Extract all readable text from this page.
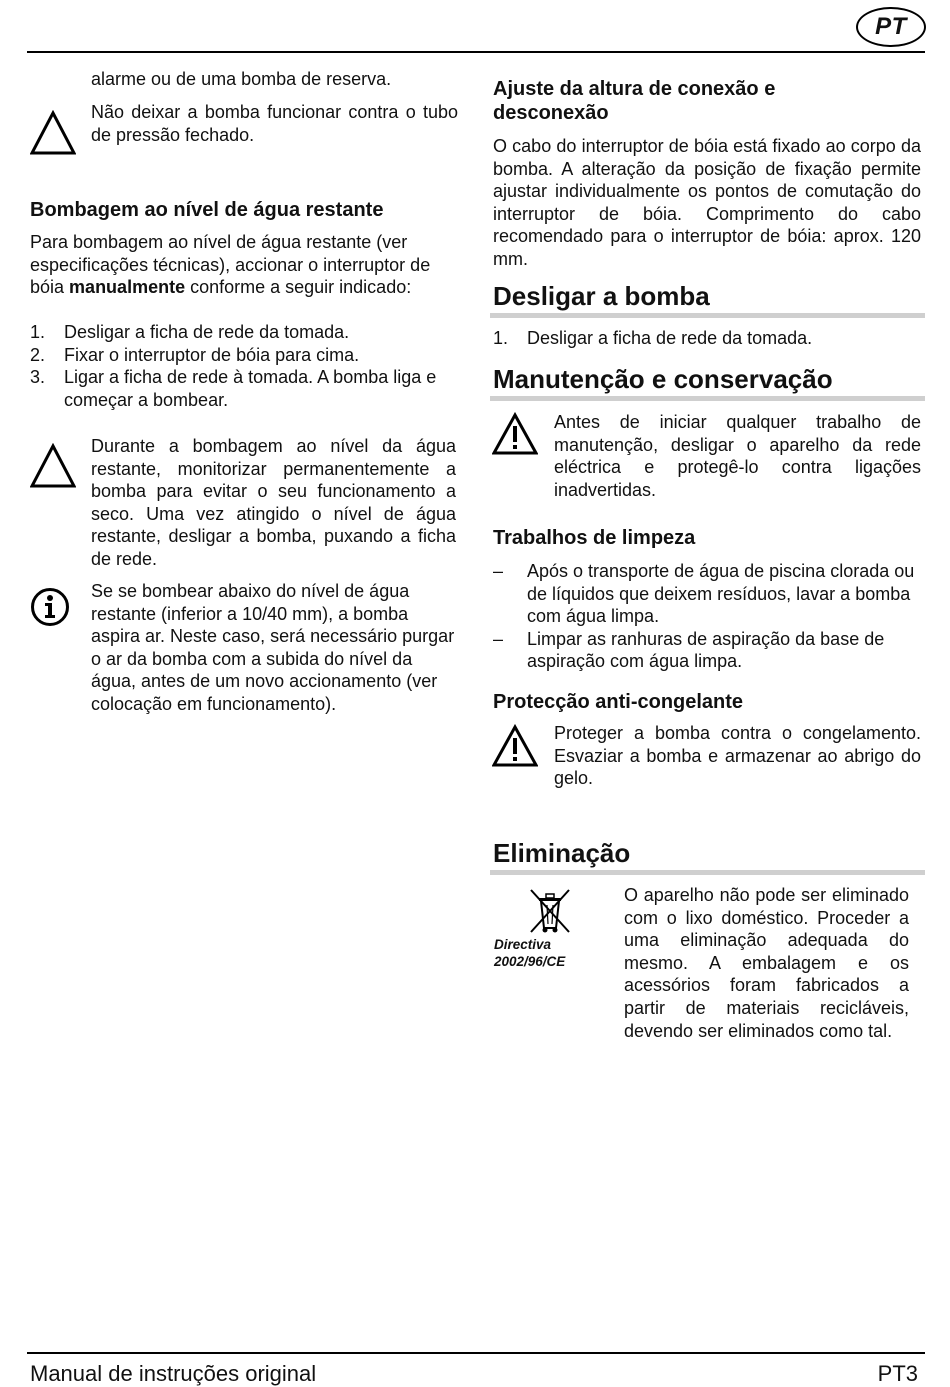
PT

alarme ou de uma bomba de reserva.

Não deixar a bomba funcionar contra o tubo de pressão fechado.

Bombagem ao nível de água restante

Para bombagem ao nível de água restante (ver especificações técnicas), accionar o interruptor de bóia manualmente conforme a seguir indicado:

1. Desligar a ficha de rede da tomada.
2. Fixar o interruptor de bóia para cima.
3. Ligar a ficha de rede à tomada. A bomba liga e começar a bombear.

Durante a bombagem ao nível da água restante, monitorizar permanentemente a bomba para evitar o seu funcionamento a seco. Uma vez atingido o nível de água restante, desligar a bomba, puxando a ficha de rede.

Se se bombear abaixo do nível de água restante (inferior a 10/40 mm), a bomba aspira ar. Neste caso, será necessário purgar o ar da bomba com a subida do nível da água, antes de um novo accionamento (ver colocação em funcionamento).

Ajuste da altura de conexão e desconexão

O cabo do interruptor de bóia está fixado ao corpo da bomba. A alteração da posição de fixação permite ajustar individualmente os pontos de comutação do interruptor de bóia. Comprimento do cabo recomendado para o interruptor de bóia: aprox. 120 mm.

Desligar a bomba
1. Desligar a ficha de rede da tomada.
Manutenção e conservação

Antes de iniciar qualquer trabalho de manutenção, desligar o aparelho da rede eléctrica e protegê-lo contra ligações inadvertidas.

Trabalhos de limpeza
– Após o transporte de água de piscina clorada ou de líquidos que deixem resíduos, lavar a bomba com água limpa.
– Limpar as ranhuras de aspiração da base de aspiração com água limpa.
Protecção anti-congelante

Proteger a bomba contra o congelamento. Esvaziar a bomba e armazenar ao abrigo do gelo.

Eliminação
Directiva
2002/96/CE

O aparelho não pode ser eliminado com o lixo doméstico. Proceder a uma eliminação adequada do mesmo. A embalagem e os acessórios foram fabricados a partir de materiais recicláveis, devendo ser eliminados como tal.

Manual de instruções original	PT3
